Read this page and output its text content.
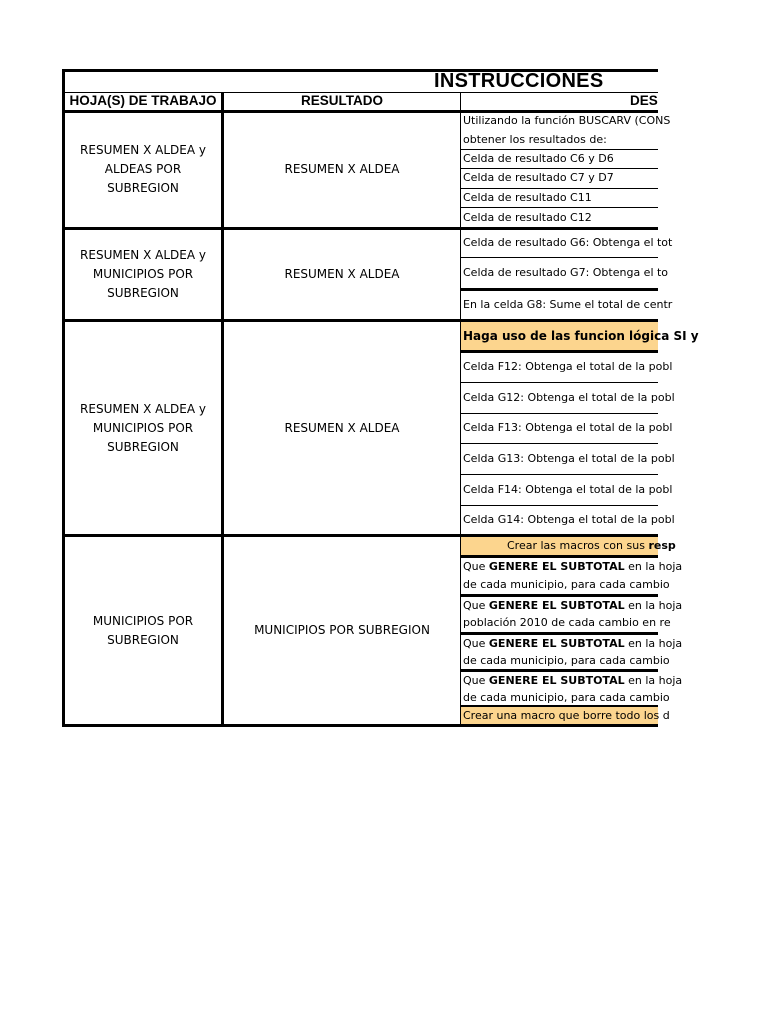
INSTRUCCIONES
HOJA(S) DE TRABAJO	RESULTADO	DES
RESUMEN X ALDEA y ALDEAS POR SUBREGION
RESUMEN X ALDEA
Utilizando la función BUSCARV (CONS
obtener los resultados de:
Celda de resultado C6 y D6
Celda de resultado C7 y D7
Celda de resultado C11
Celda de resultado C12
RESUMEN X ALDEA y MUNICIPIOS POR SUBREGION
RESUMEN X ALDEA
Celda de resultado G6: Obtenga el tot
Celda de resultado G7: Obtenga el to
En la celda G8: Sume el total de centr
RESUMEN X ALDEA y MUNICIPIOS POR SUBREGION
RESUMEN X ALDEA
Haga uso de las funcion lógica SI y
Celda F12: Obtenga el total de la pobl
Celda G12: Obtenga el total de la pobl
Celda F13: Obtenga el total de la pobl
Celda G13: Obtenga el total de la pobl
Celda F14: Obtenga el total de la pobl
Celda G14: Obtenga el total de la pobl
MUNICIPIOS POR SUBREGION
MUNICIPIOS POR SUBREGION
Crear las macros con sus resp
Que GENERE EL SUBTOTAL en la hoja
de cada municipio, para cada cambio
Que GENERE EL SUBTOTAL en la hoja
población 2010 de cada cambio en re
Que GENERE EL SUBTOTAL en la hoja
de cada municipio, para cada cambio
Que GENERE EL SUBTOTAL en la hoja
de cada municipio, para cada cambio
Crear una macro que borre todo los d
